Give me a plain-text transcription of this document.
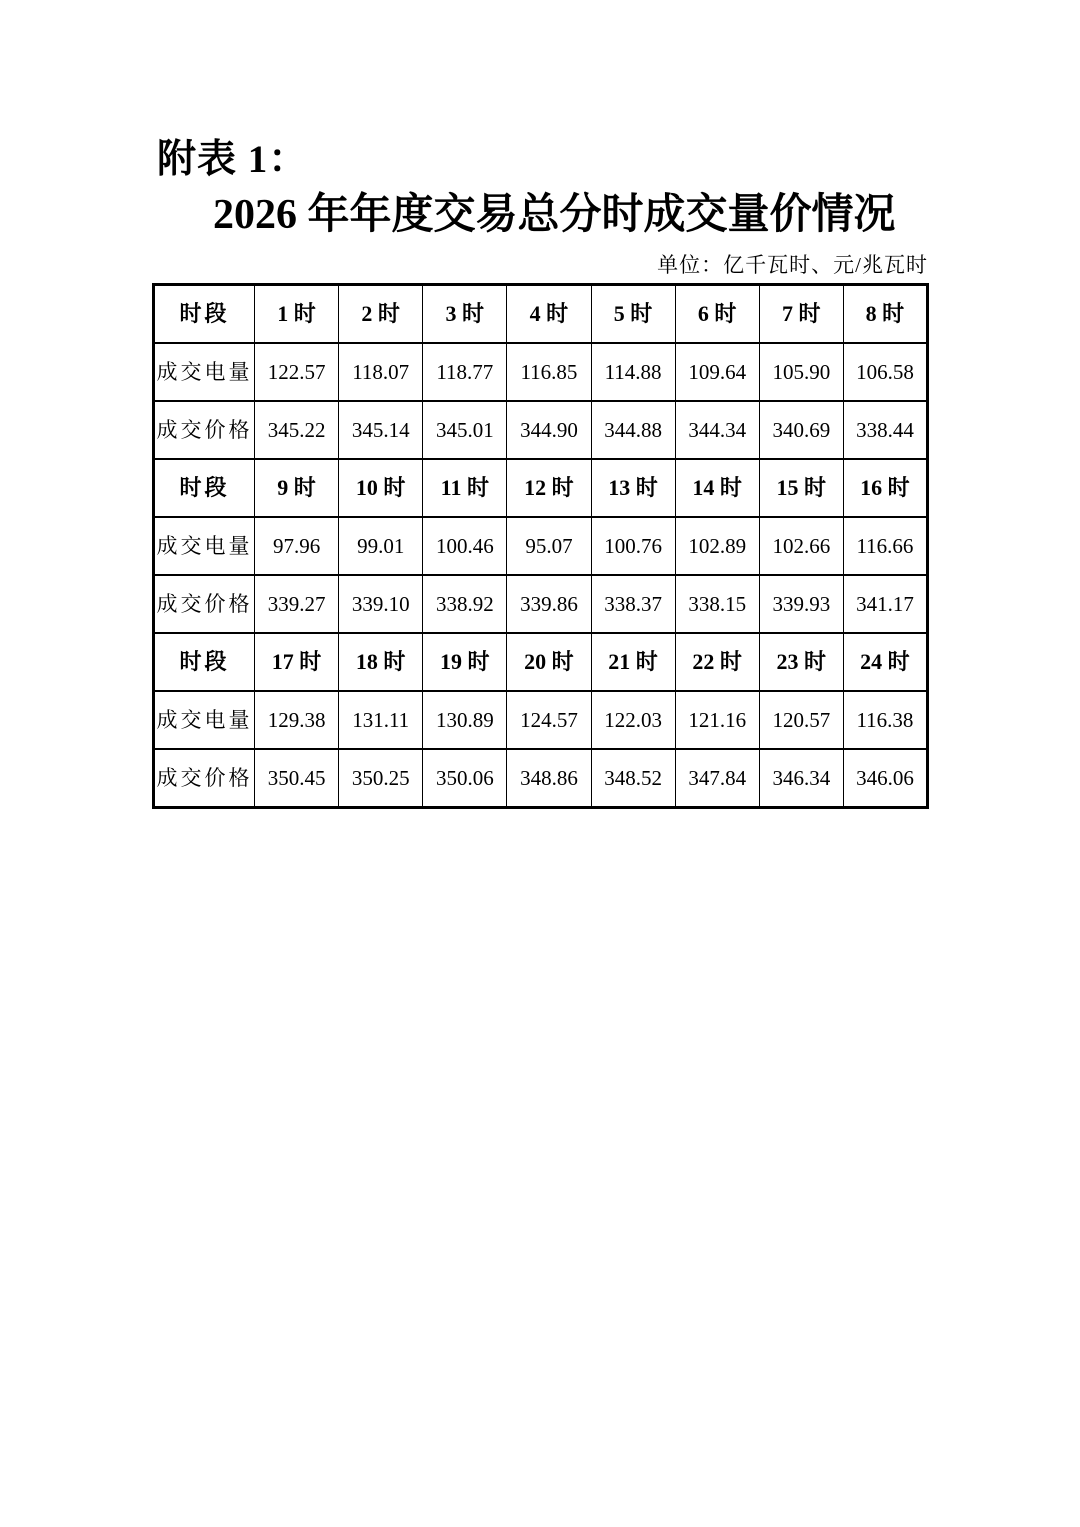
附表 1：
2026 年年度交易总分时成交量价情况
单位：亿千瓦时、元/兆瓦时
时段	1 时	2 时	3 时	4 时	5 时	6 时	7 时	8 时
成交电量	122.57	118.07	118.77	116.85	114.88	109.64	105.90	106.58
成交价格	345.22	345.14	345.01	344.90	344.88	344.34	340.69	338.44
时段	9 时	10 时	11 时	12 时	13 时	14 时	15 时	16 时
成交电量	97.96	99.01	100.46	95.07	100.76	102.89	102.66	116.66
成交价格	339.27	339.10	338.92	339.86	338.37	338.15	339.93	341.17
时段	17 时	18 时	19 时	20 时	21 时	22 时	23 时	24 时
成交电量	129.38	131.11	130.89	124.57	122.03	121.16	120.57	116.38
成交价格	350.45	350.25	350.06	348.86	348.52	347.84	346.34	346.06
